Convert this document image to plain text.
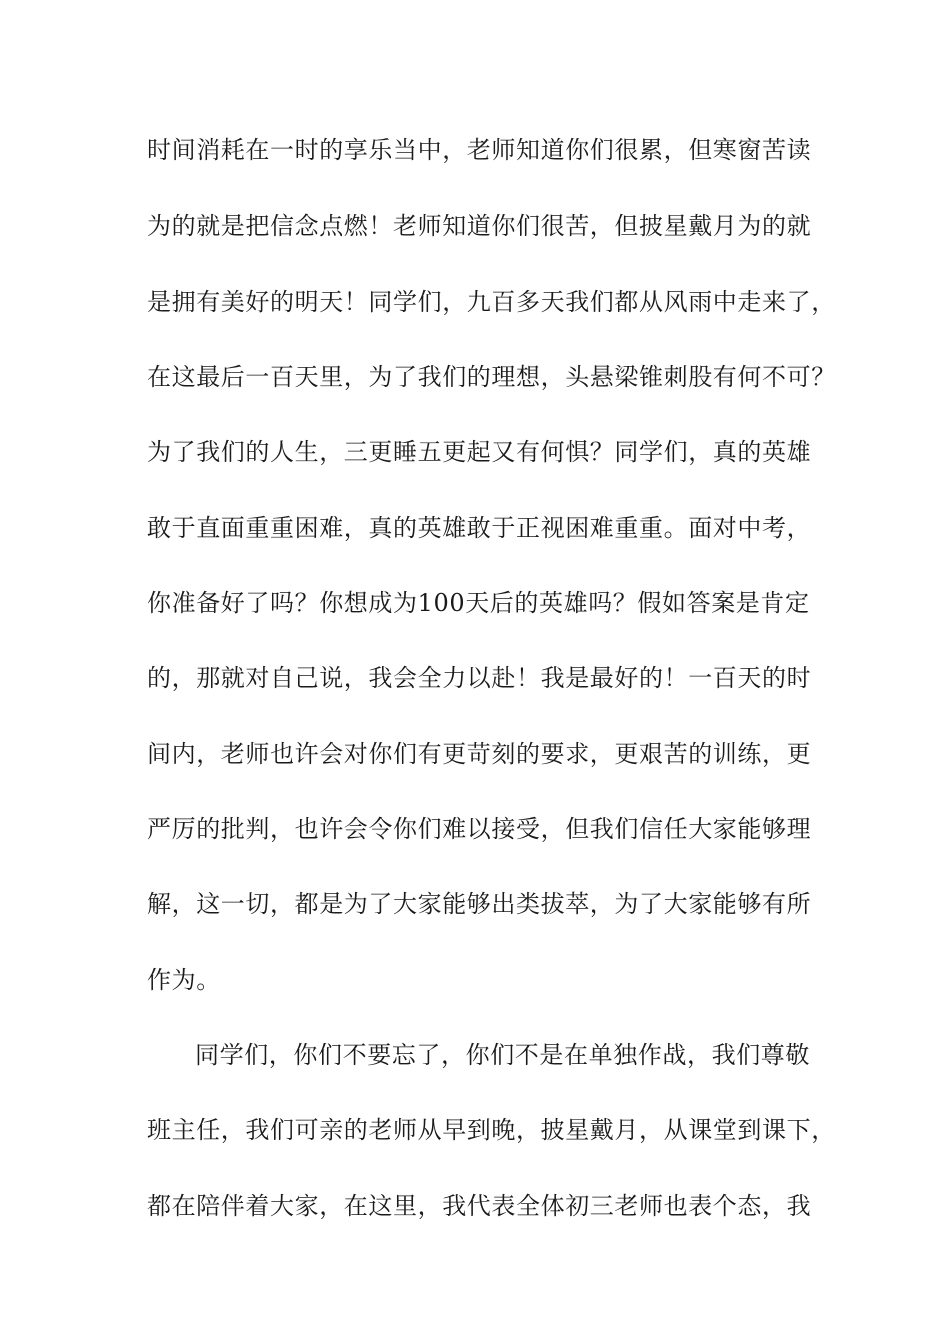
时间消耗在一时的享乐当中，老师知道你们很累，但寒窗苦读
为的就是把信念点燃！老师知道你们很苦，但披星戴月为的就
是拥有美好的明天！同学们，九百多天我们都从风雨中走来了，
在这最后一百天里，为了我们的理想，头悬梁锥刺股有何不可？
为了我们的人生，三更睡五更起又有何惧？同学们，真的英雄
敢于直面重重困难，真的英雄敢于正视困难重重。面对中考，
你准备好了吗？你想成为100天后的英雄吗？假如答案是肯定
的，那就对自己说，我会全力以赴！我是最好的！一百天的时
间内，老师也许会对你们有更苛刻的要求，更艰苦的训练，更
严厉的批判，也许会令你们难以接受，但我们信任大家能够理
解，这一切，都是为了大家能够出类拔萃，为了大家能够有所
作为。
同学们，你们不要忘了，你们不是在单独作战，我们尊敬
班主任，我们可亲的老师从早到晚，披星戴月，从课堂到课下，
都在陪伴着大家，在这里，我代表全体初三老师也表个态，我
